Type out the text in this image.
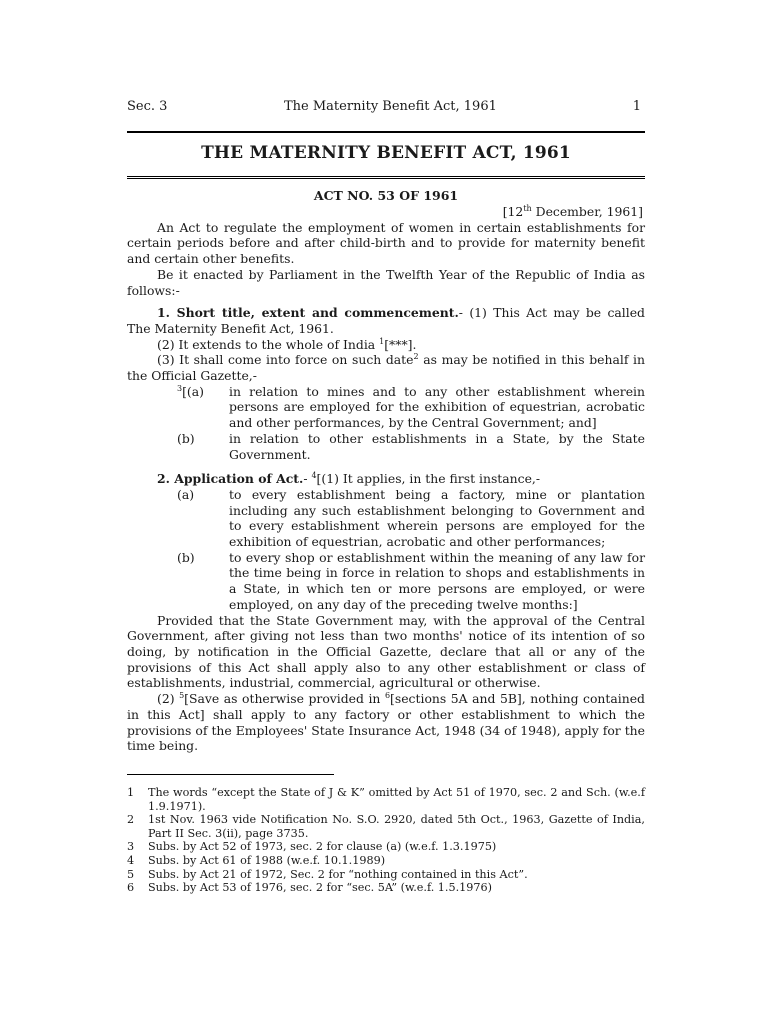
Sec. 3	The Maternity Benefit Act, 1961	1
THE MATERNITY BENEFIT ACT, 1961
ACT NO. 53 OF 1961

[12th December, 1961]

An Act to regulate the employment of women in certain establishments for certain periods before and after child-birth and to provide for maternity benefit and certain other benefits.

Be it enacted by Parliament in the Twelfth Year of the Republic of India as follows:-

1. Short title, extent and commencement.- (1) This Act may be called The Maternity Benefit Act, 1961.

(2) It extends to the whole of India $^1$[***].

(3) It shall come into force on such date$^2$ as may be notified in this behalf in the Official Gazette,-

$^3$[(a)	in relation to mines and to any other establishment wherein persons are employed for the exhibition of equestrian, acrobatic and other performances, by the Central Government; and]
(b)	in relation to other establishments in a State, by the State Government.

2. Application of Act.- $^4$[(1) It applies, in the first instance,-

(a)	to every establishment being a factory, mine or plantation including any such establishment belonging to Government and to every establishment wherein persons are employed for the exhibition of equestrian, acrobatic and other performances;
(b)	to every shop or establishment within the meaning of any law for the time being in force in relation to shops and establishments in a State, in which ten or more persons are employed, or were employed, on any day of the preceding twelve months:]

Provided that the State Government may, with the approval of the Central Government, after giving not less than two months' notice of its intention of so doing, by notification in the Official Gazette, declare that all or any of the provisions of this Act shall apply also to any other establishment or class of establishments, industrial, commercial, agricultural or otherwise.

(2) $^5$[Save as otherwise provided in $^6$[sections 5A and 5B], nothing contained in this Act] shall apply to any factory or other establishment to which the provisions of the Employees' State Insurance Act, 1948 (34 of 1948), apply for the time being.

1	The words “except the State of J & K” omitted by Act 51 of 1970, sec. 2 and Sch. (w.e.f 1.9.1971).
2	1st Nov. 1963 vide Notification No. S.O. 2920, dated 5th Oct., 1963, Gazette of India, Part II Sec. 3(ii), page 3735.
3	Subs. by Act 52 of 1973, sec. 2 for clause (a) (w.e.f. 1.3.1975)
4	Subs. by Act 61 of 1988 (w.e.f. 10.1.1989)
5	Subs. by Act 21 of 1972, Sec. 2 for “nothing contained in this Act”.
6	Subs. by Act 53 of 1976, sec. 2 for “sec. 5A” (w.e.f. 1.5.1976)
